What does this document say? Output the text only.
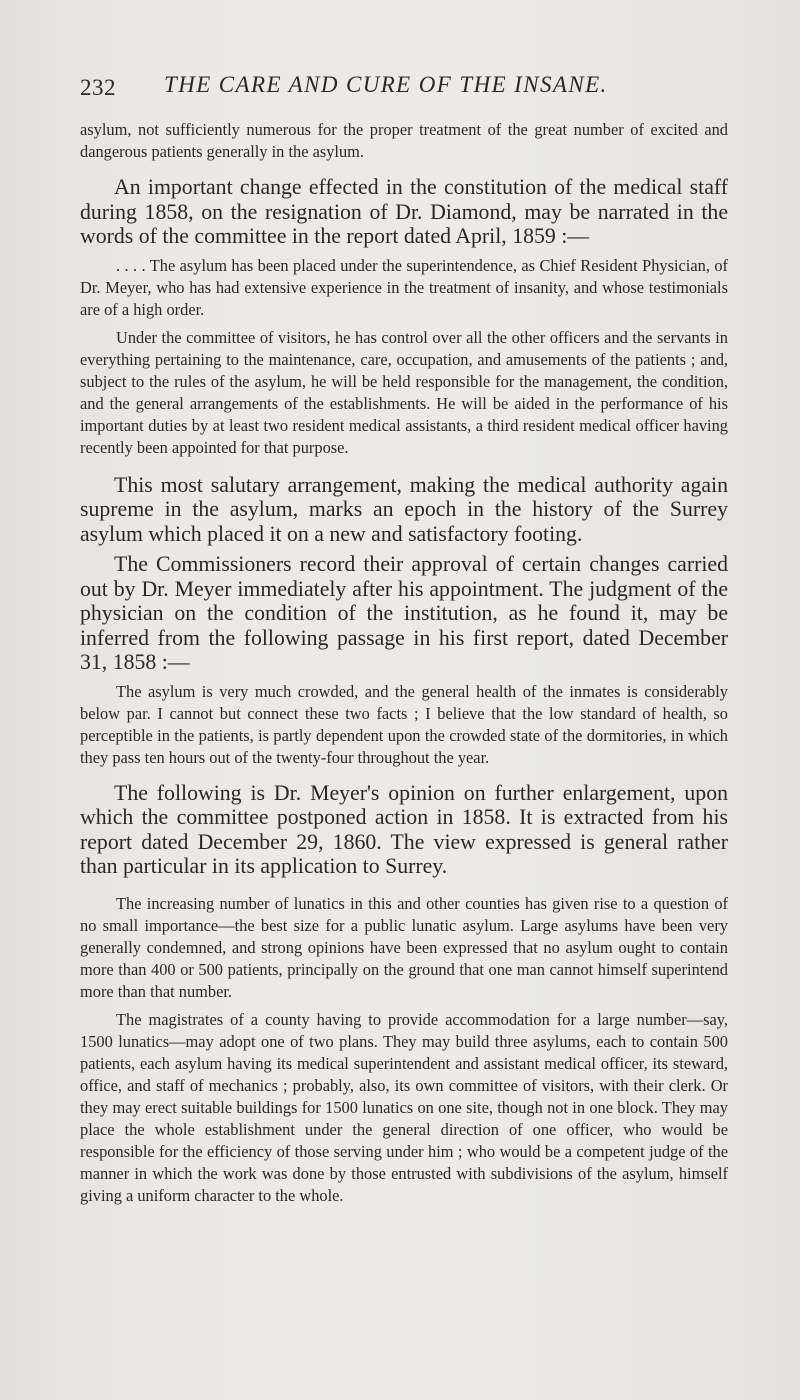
232 THE CARE AND CURE OF THE INSANE.

asylum, not sufficiently numerous for the proper treatment of the great number of excited and dangerous patients generally in the asylum.

An important change effected in the constitution of the medical staff during 1858, on the resignation of Dr. Diamond, may be narrated in the words of the committee in the report dated April, 1859 :—

. . . . The asylum has been placed under the superintendence, as Chief Resident Physician, of Dr. Meyer, who has had extensive experience in the treatment of insanity, and whose testimonials are of a high order.

Under the committee of visitors, he has control over all the other officers and the servants in everything pertaining to the maintenance, care, occupation, and amusements of the patients ; and, subject to the rules of the asylum, he will be held responsible for the management, the condition, and the general arrangements of the establishments. He will be aided in the performance of his important duties by at least two resident medical assistants, a third resident medical officer having recently been appointed for that purpose.

This most salutary arrangement, making the medical authority again supreme in the asylum, marks an epoch in the history of the Surrey asylum which placed it on a new and satisfactory footing.

The Commissioners record their approval of certain changes carried out by Dr. Meyer immediately after his appointment. The judgment of the physician on the condition of the institution, as he found it, may be inferred from the following passage in his first report, dated December 31, 1858 :—

The asylum is very much crowded, and the general health of the inmates is considerably below par. I cannot but connect these two facts ; I believe that the low standard of health, so perceptible in the patients, is partly dependent upon the crowded state of the dormitories, in which they pass ten hours out of the twenty-four throughout the year.

The following is Dr. Meyer's opinion on further enlargement, upon which the committee postponed action in 1858. It is extracted from his report dated December 29, 1860. The view expressed is general rather than particular in its application to Surrey.

The increasing number of lunatics in this and other counties has given rise to a question of no small importance—the best size for a public lunatic asylum. Large asylums have been very generally condemned, and strong opinions have been expressed that no asylum ought to contain more than 400 or 500 patients, principally on the ground that one man cannot himself superintend more than that number.

The magistrates of a county having to provide accommodation for a large number—say, 1500 lunatics—may adopt one of two plans. They may build three asylums, each to contain 500 patients, each asylum having its medical superintendent and assistant medical officer, its steward, office, and staff of mechanics ; probably, also, its own committee of visitors, with their clerk. Or they may erect suitable buildings for 1500 lunatics on one site, though not in one block. They may place the whole establishment under the general direction of one officer, who would be responsible for the efficiency of those serving under him ; who would be a competent judge of the manner in which the work was done by those entrusted with subdivisions of the asylum, himself giving a uniform character to the whole.
